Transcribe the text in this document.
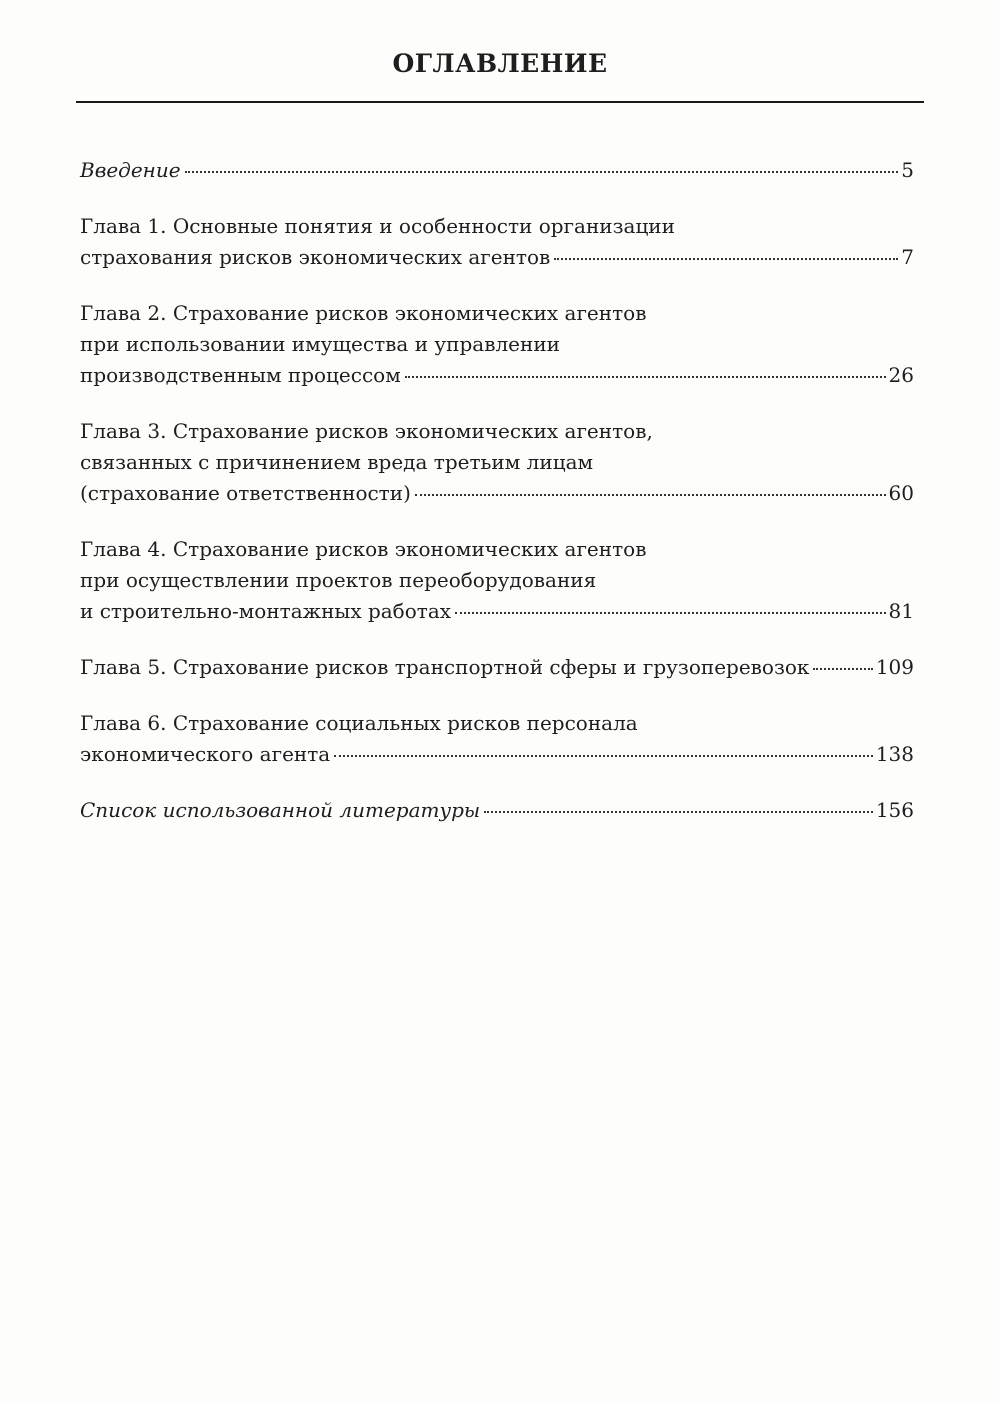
ОГЛАВЛЕНИЕ
Введение	5
Глава 1. Основные понятия и особенности организации
страхования рисков экономических агентов	7
Глава 2. Страхование рисков экономических агентов
при использовании имущества и управлении
производственным процессом	26
Глава 3. Страхование рисков экономических агентов,
связанных с причинением вреда третьим лицам
(страхование ответственности)	60
Глава 4. Страхование рисков экономических агентов
при осуществлении проектов переоборудования
и строительно-монтажных работах	81
Глава 5. Страхование рисков транспортной сферы и грузоперевозок	109
Глава 6. Страхование социальных рисков персонала
экономического агента	138
Список использованной литературы	156
